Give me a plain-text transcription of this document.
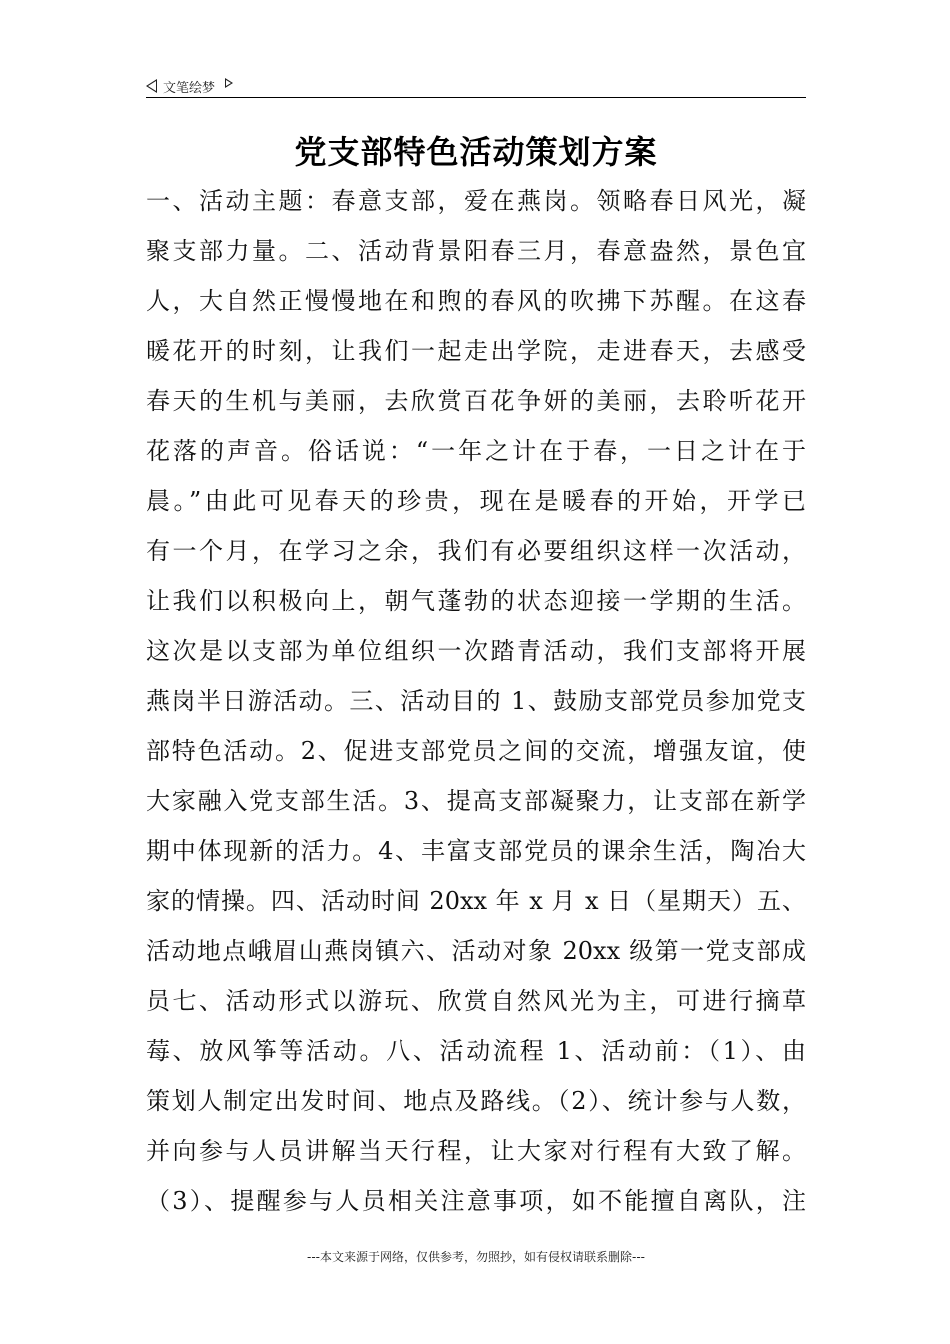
文笔绘梦
党支部特色活动策划方案
一、活动主题：春意支部，爱在燕岗。领略春日风光，凝
聚支部力量。二、活动背景阳春三月，春意盎然，景色宜
人，大自然正慢慢地在和煦的春风的吹拂下苏醒。在这春
暖花开的时刻，让我们一起走出学院，走进春天，去感受
春天的生机与美丽，去欣赏百花争妍的美丽，去聆听花开
花落的声音。俗话说：“一年之计在于春，一日之计在于
晨。”由此可见春天的珍贵，现在是暖春的开始，开学已
有一个月，在学习之余，我们有必要组织这样一次活动，
让我们以积极向上，朝气蓬勃的状态迎接一学期的生活。
这次是以支部为单位组织一次踏青活动，我们支部将开展
燕岗半日游活动。三、活动目的 1、鼓励支部党员参加党支
部特色活动。2、促进支部党员之间的交流，增强友谊，使
大家融入党支部生活。3、提高支部凝聚力，让支部在新学
期中体现新的活力。4、丰富支部党员的课余生活，陶冶大
家的情操。四、活动时间 20xx 年 x 月 x 日（星期天）五、
活动地点峨眉山燕岗镇六、活动对象 20xx 级第一党支部成
员七、活动形式以游玩、欣赏自然风光为主，可进行摘草
莓、放风筝等活动。八、活动流程 1、活动前：（1）、由
策划人制定出发时间、地点及路线。（2）、统计参与人数，
并向参与人员讲解当天行程，让大家对行程有大致了解。
（3）、提醒参与人员相关注意事项，如不能擅自离队，注
---本文来源于网络，仅供参考，勿照抄，如有侵权请联系删除---
